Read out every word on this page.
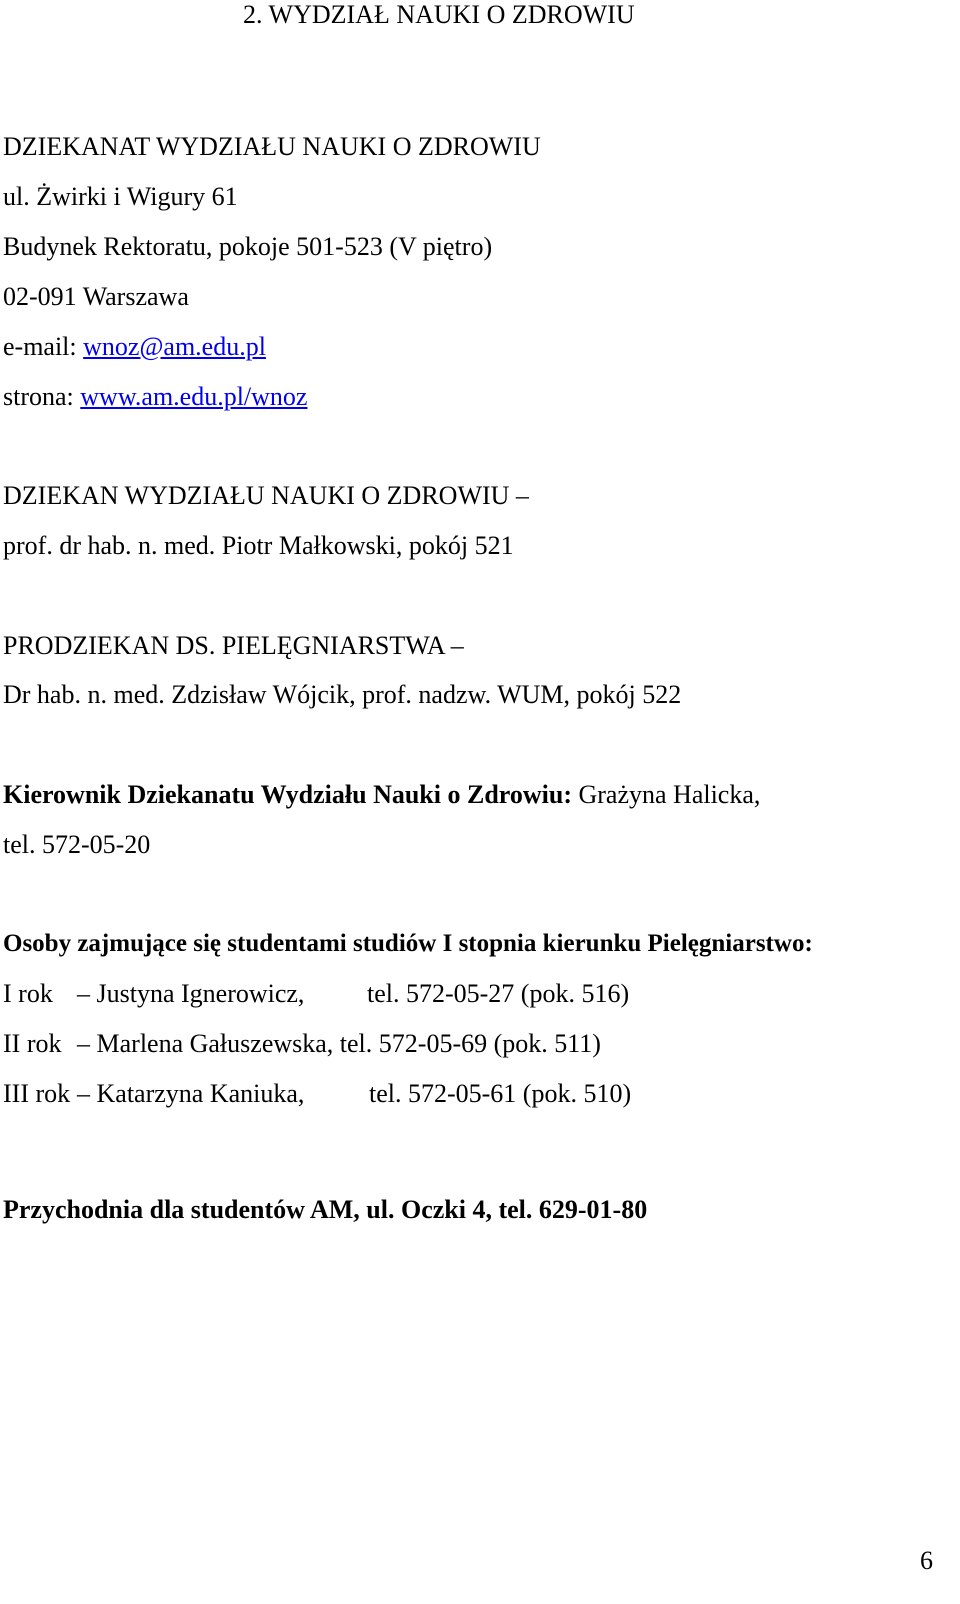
2. WYDZIAŁ NAUKI O ZDROWIU
DZIEKANAT WYDZIAŁU NAUKI O ZDROWIU
ul. Żwirki i Wigury 61
Budynek Rektoratu, pokoje 501-523 (V piętro)
02-091 Warszawa
e-mail: wnoz@am.edu.pl
strona: www.am.edu.pl/wnoz
DZIEKAN WYDZIAŁU NAUKI O ZDROWIU –
prof. dr hab. n. med. Piotr Małkowski, pokój 521
PRODZIEKAN DS. PIELĘGNIARSTWA –
Dr hab. n. med. Zdzisław Wójcik, prof. nadzw. WUM, pokój 522
Kierownik Dziekanatu Wydziału Nauki o Zdrowiu: Grażyna Halicka,
tel. 572-05-20
Osoby zajmujące się studentami studiów I stopnia kierunku Pielęgniarstwo:
I rok – Justyna Ignerowicz, tel. 572-05-27 (pok. 516)
II rok – Marlena Gałuszewska, tel. 572-05-69 (pok. 511)
III rok – Katarzyna Kaniuka, tel. 572-05-61 (pok. 510)
Przychodnia dla studentów AM, ul. Oczki 4, tel. 629-01-80
6
